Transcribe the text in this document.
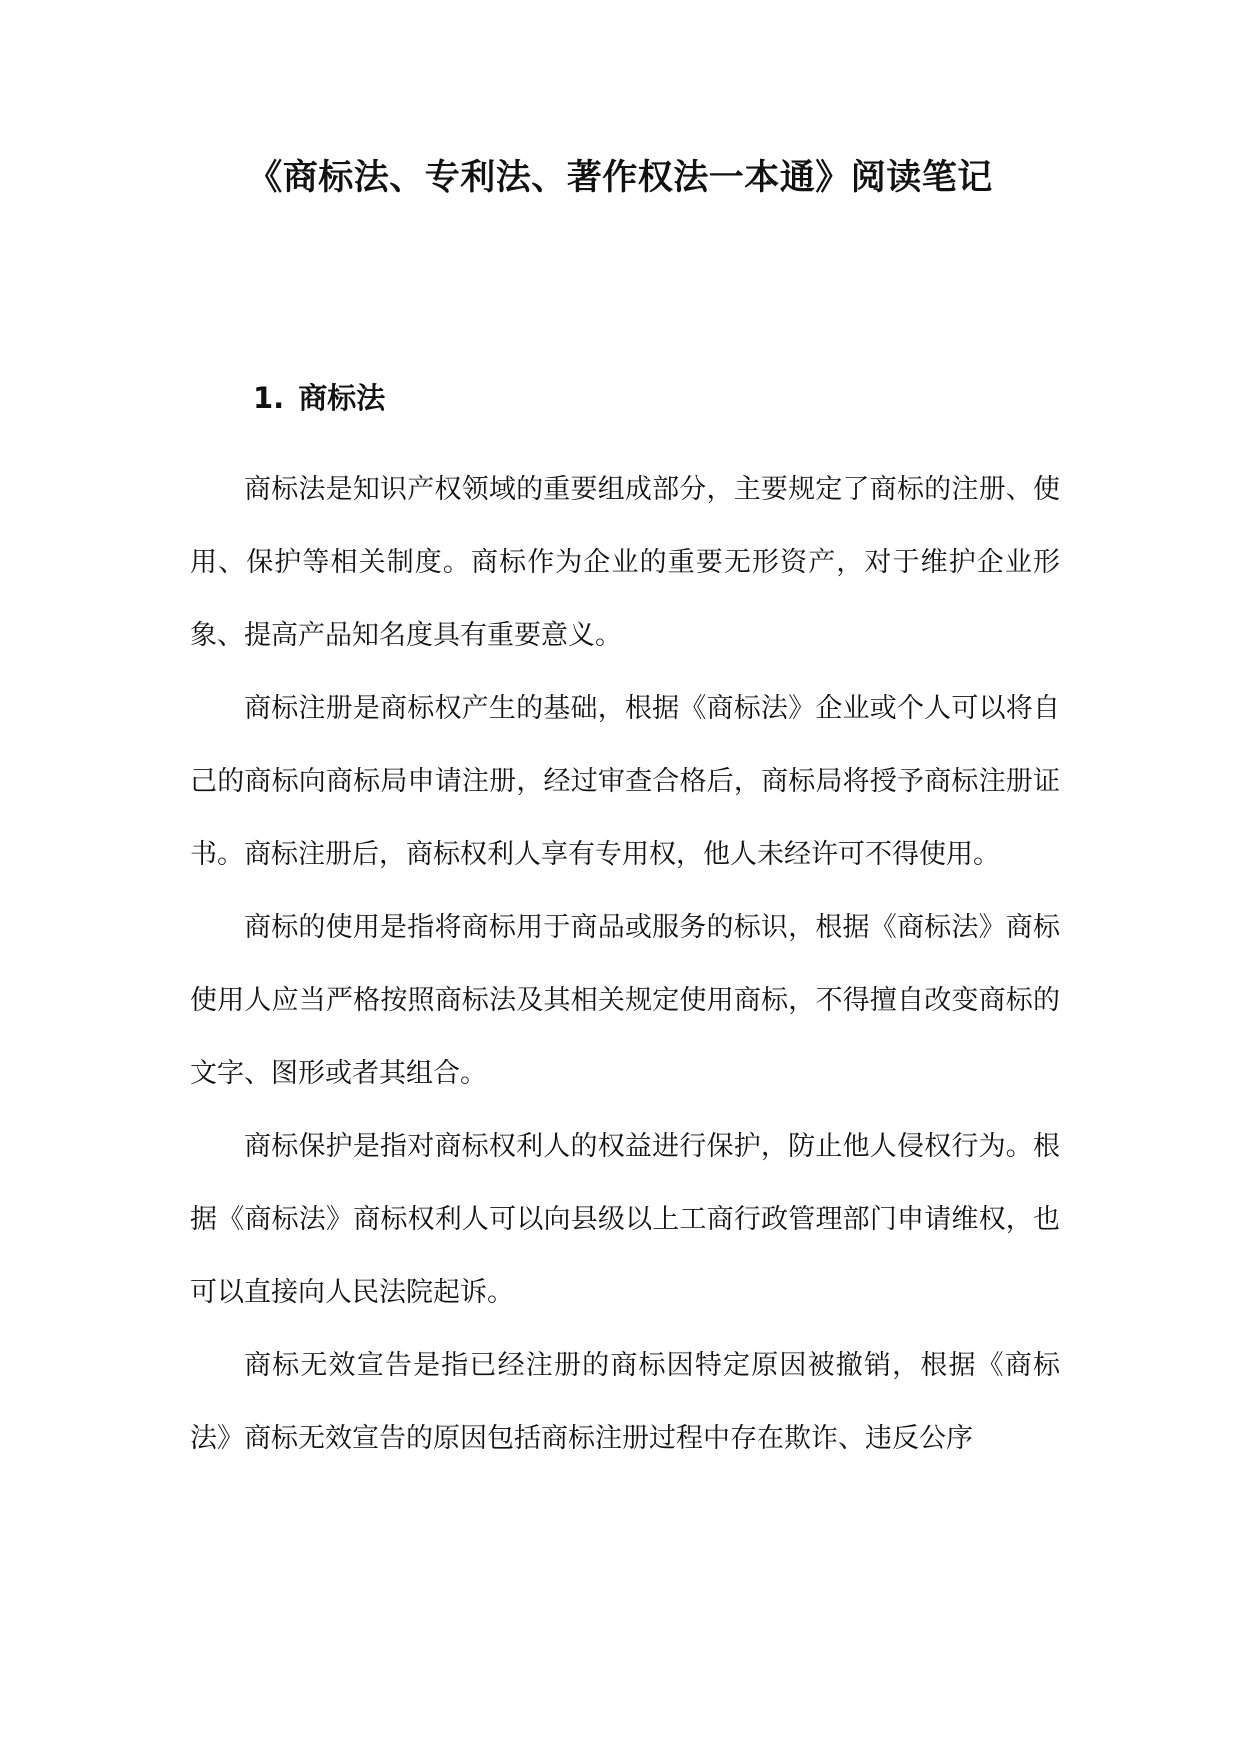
《商标法、专利法、著作权法一本通》阅读笔记
1. 商标法

商标法是知识产权领域的重要组成部分，主要规定了商标的注册、使用、保护等相关制度。商标作为企业的重要无形资产，对于维护企业形象、提高产品知名度具有重要意义。

商标注册是商标权产生的基础，根据《商标法》企业或个人可以将自己的商标向商标局申请注册，经过审查合格后，商标局将授予商标注册证书。商标注册后，商标权利人享有专用权，他人未经许可不得使用。

商标的使用是指将商标用于商品或服务的标识，根据《商标法》商标使用人应当严格按照商标法及其相关规定使用商标，不得擅自改变商标的文字、图形或者其组合。

商标保护是指对商标权利人的权益进行保护，防止他人侵权行为。根据《商标法》商标权利人可以向县级以上工商行政管理部门申请维权，也可以直接向人民法院起诉。

商标无效宣告是指已经注册的商标因特定原因被撤销，根据《商标法》商标无效宣告的原因包括商标注册过程中存在欺诈、违反公序
